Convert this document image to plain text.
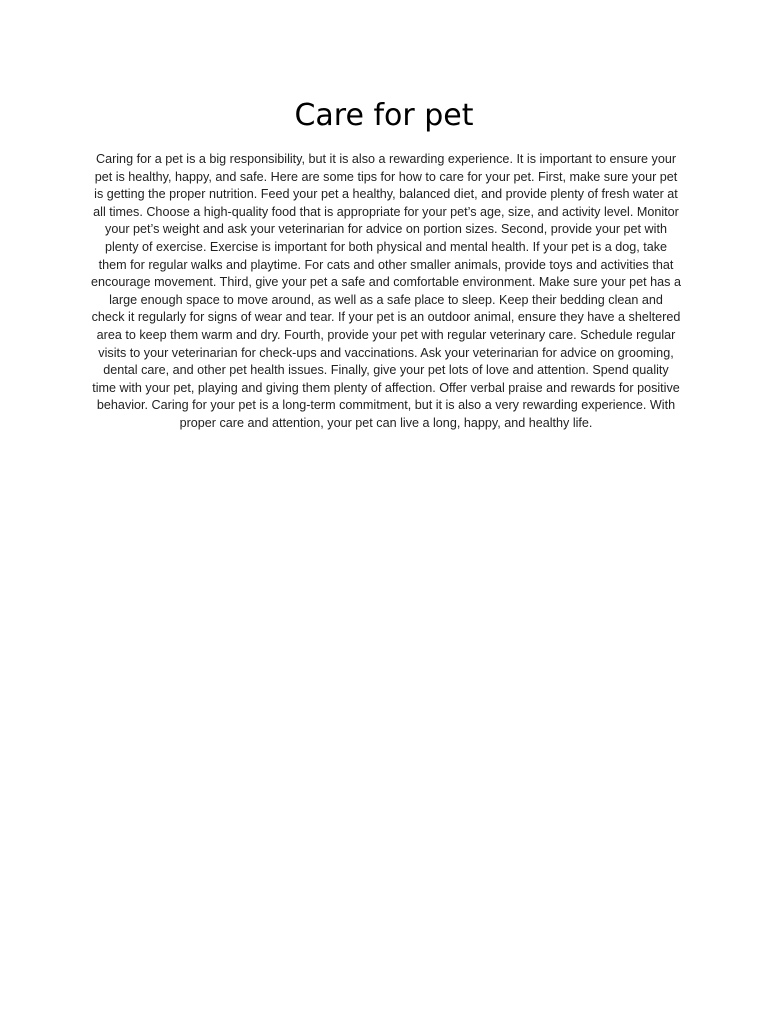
Care for pet

Caring for a pet is a big responsibility, but it is also a rewarding experience. It is important to ensure your pet is healthy, happy, and safe. Here are some tips for how to care for your pet. First, make sure your pet is getting the proper nutrition. Feed your pet a healthy, balanced diet, and provide plenty of fresh water at all times. Choose a high-quality food that is appropriate for your pet’s age, size, and activity level. Monitor your pet’s weight and ask your veterinarian for advice on portion sizes. Second, provide your pet with plenty of exercise. Exercise is important for both physical and mental health. If your pet is a dog, take them for regular walks and playtime. For cats and other smaller animals, provide toys and activities that encourage movement. Third, give your pet a safe and comfortable environment. Make sure your pet has a large enough space to move around, as well as a safe place to sleep. Keep their bedding clean and check it regularly for signs of wear and tear. If your pet is an outdoor animal, ensure they have a sheltered area to keep them warm and dry. Fourth, provide your pet with regular veterinary care. Schedule regular visits to your veterinarian for check-ups and vaccinations. Ask your veterinarian for advice on grooming, dental care, and other pet health issues. Finally, give your pet lots of love and attention. Spend quality time with your pet, playing and giving them plenty of affection. Offer verbal praise and rewards for positive behavior. Caring for your pet is a long-term commitment, but it is also a very rewarding experience. With proper care and attention, your pet can live a long, happy, and healthy life.
